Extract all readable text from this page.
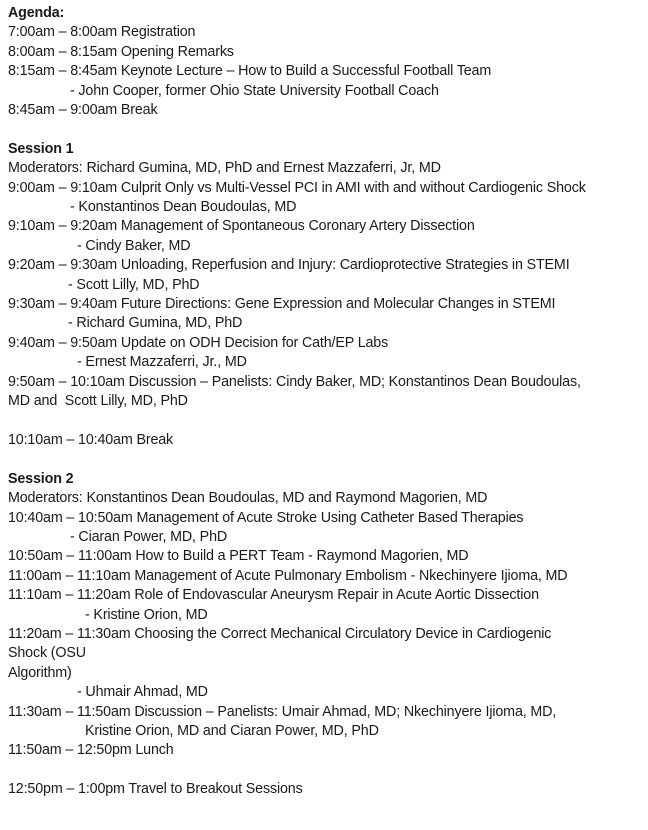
Agenda:
7:00am – 8:00am Registration
8:00am – 8:15am Opening Remarks
8:15am – 8:45am Keynote Lecture – How to Build a Successful Football Team
- John Cooper, former Ohio State University Football Coach
8:45am – 9:00am Break
Session 1
Moderators: Richard Gumina, MD, PhD and Ernest Mazzaferri, Jr, MD
9:00am – 9:10am Culprit Only vs Multi-Vessel PCI in AMI with and without Cardiogenic Shock
- Konstantinos Dean Boudoulas, MD
9:10am – 9:20am Management of Spontaneous Coronary Artery Dissection
- Cindy Baker, MD
9:20am – 9:30am Unloading, Reperfusion and Injury: Cardioprotective Strategies in STEMI
- Scott Lilly, MD, PhD
9:30am – 9:40am Future Directions: Gene Expression and Molecular Changes in STEMI
- Richard Gumina, MD, PhD
9:40am – 9:50am Update on ODH Decision for Cath/EP Labs
- Ernest Mazzaferri, Jr., MD
9:50am – 10:10am Discussion – Panelists: Cindy Baker, MD; Konstantinos Dean Boudoulas,
MD and  Scott Lilly, MD, PhD
10:10am – 10:40am Break
Session 2
Moderators: Konstantinos Dean Boudoulas, MD and Raymond Magorien, MD
10:40am – 10:50am Management of Acute Stroke Using Catheter Based Therapies
- Ciaran Power, MD, PhD
10:50am – 11:00am How to Build a PERT Team - Raymond Magorien, MD
11:00am – 11:10am Management of Acute Pulmonary Embolism - Nkechinyere Ijioma, MD
11:10am – 11:20am Role of Endovascular Aneurysm Repair in Acute Aortic Dissection
- Kristine Orion, MD
11:20am – 11:30am Choosing the Correct Mechanical Circulatory Device in Cardiogenic
Shock (OSU
Algorithm)
- Uhmair Ahmad, MD
11:30am – 11:50am Discussion – Panelists: Umair Ahmad, MD; Nkechinyere Ijioma, MD,
Kristine Orion, MD and Ciaran Power, MD, PhD
11:50am – 12:50pm Lunch
12:50pm – 1:00pm Travel to Breakout Sessions
